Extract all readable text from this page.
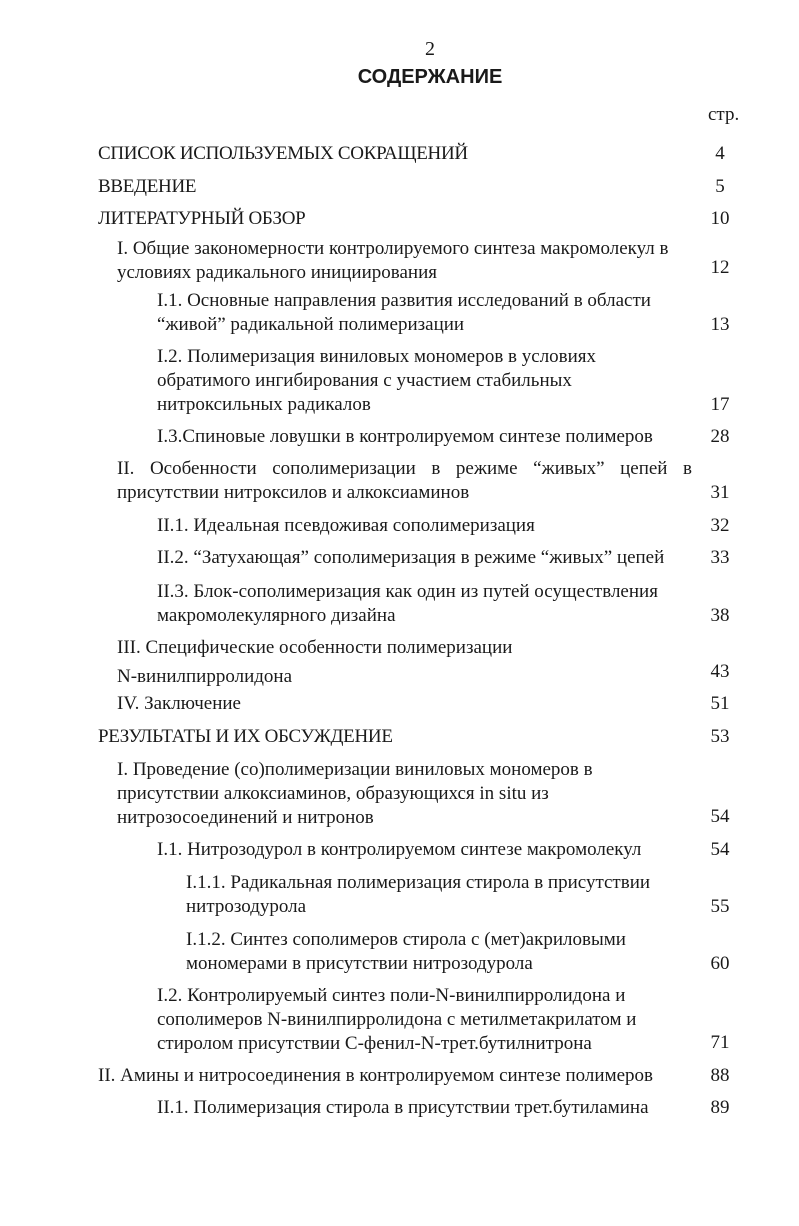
2
СОДЕРЖАНИЕ
стр.
СПИСОК ИСПОЛЬЗУЕМЫХ СОКРАЩЕНИЙ	4
ВВЕДЕНИЕ	5
ЛИТЕРАТУРНЫЙ ОБЗОР	10
I. Общие закономерности контролируемого синтеза макромолекул в
условиях радикального инициирования	12
I.1. Основные направления развития исследований в области
“живой” радикальной полимеризации	13
I.2. Полимеризация виниловых мономеров в условиях
обратимого ингибирования с участием стабильных
нитроксильных радикалов	17
I.3.Спиновые ловушки в контролируемом синтезе полимеров	28
II. Особенности сополимеризации в режиме “живых” цепей в
присутствии нитроксилов и алкоксиаминов	31
II.1. Идеальная псевдоживая сополимеризация	32
II.2. “Затухающая” сополимеризация в режиме “живых” цепей	33
II.3. Блок-сополимеризация как один из путей осуществления
макромолекулярного дизайна	38
III. Специфические особенности полимеризации
N-винилпирролидона	43
IV. Заключение	51
РЕЗУЛЬТАТЫ И ИХ ОБСУЖДЕНИЕ	53
I. Проведение (со)полимеризации виниловых мономеров в
присутствии алкоксиаминов, образующихся in situ из
нитрозосоединений и нитронов	54
I.1. Нитрозодурол в контролируемом синтезе макромолекул	54
I.1.1. Радикальная полимеризация стирола в присутствии
нитрозодурола	55
I.1.2. Синтез сополимеров стирола с (мет)акриловыми
мономерами в присутствии нитрозодурола	60
I.2. Контролируемый синтез поли-N-винилпирролидона и
сополимеров N-винилпирролидона с метилметакрилатом и
стиролом присутствии С-фенил-N-трет.бутилнитрона	71
II. Амины и нитросоединения в контролируемом синтезе полимеров	88
II.1. Полимеризация стирола в присутствии трет.бутиламина	89
